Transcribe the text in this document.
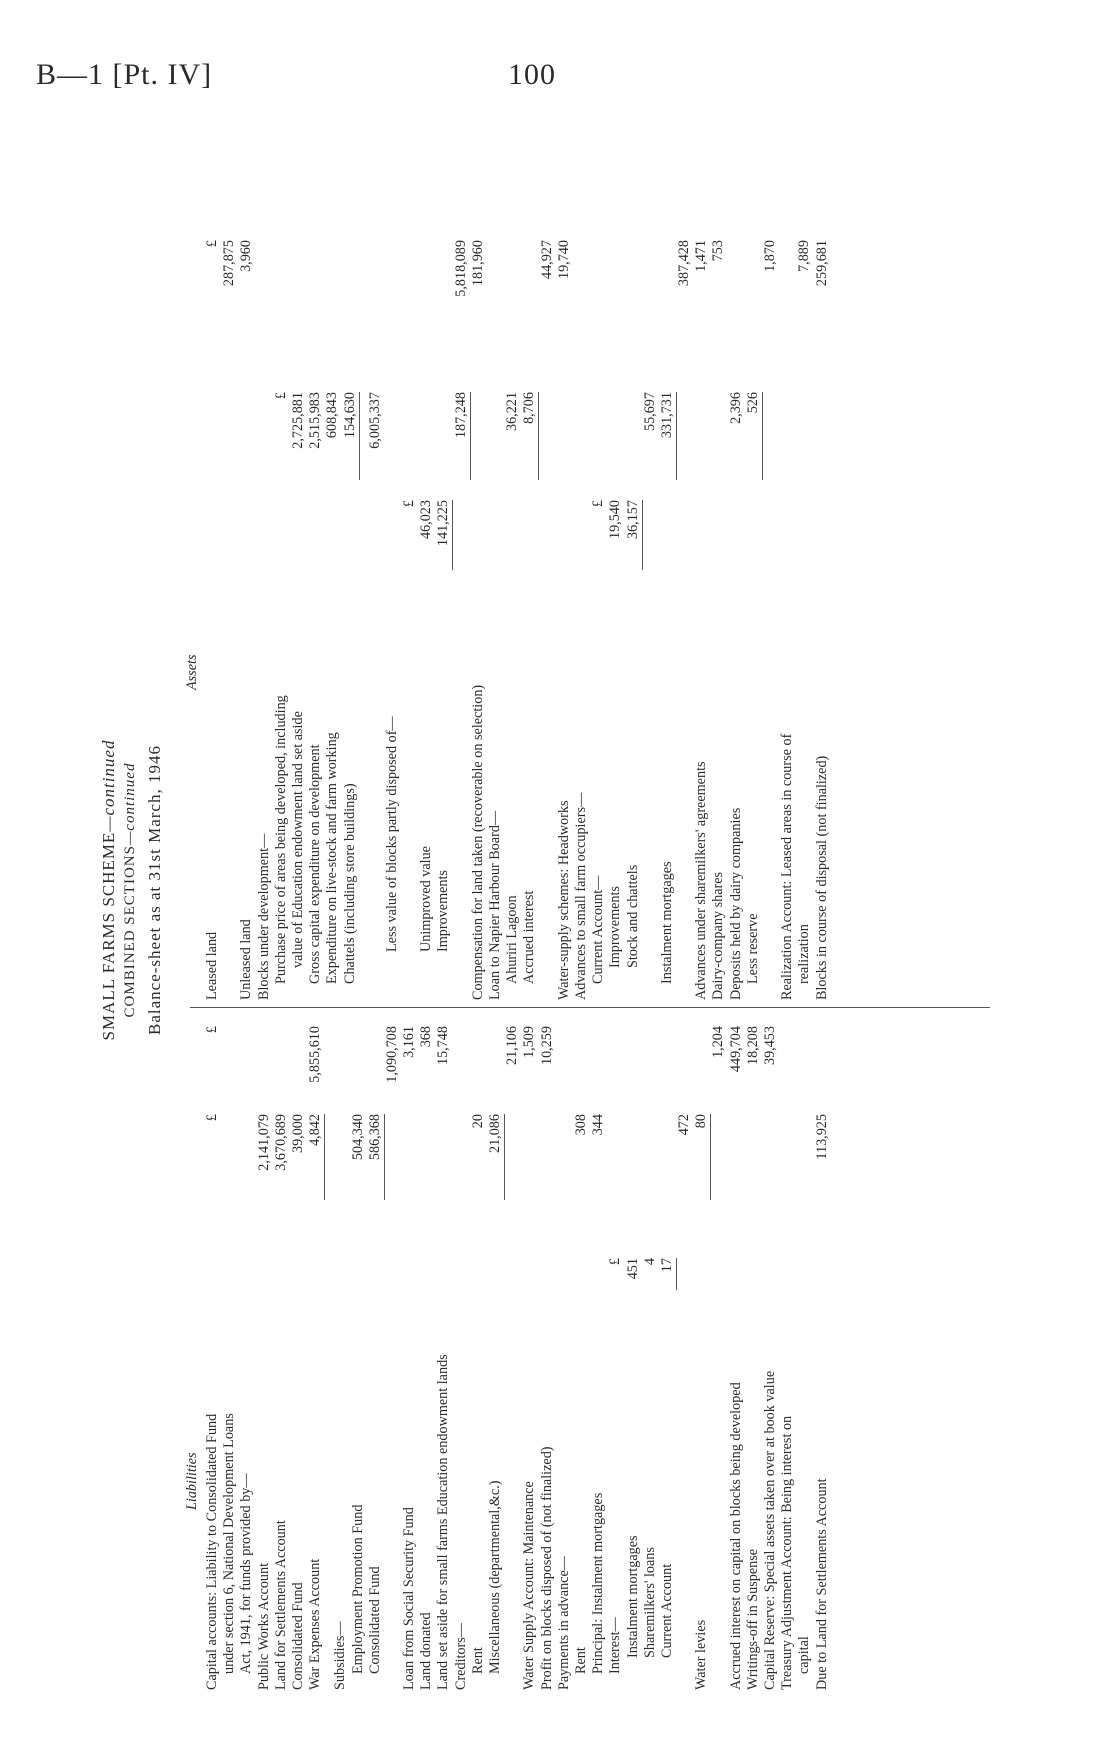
B—1 [Pt. IV]	100
SMALL FARMS SCHEME—continued
COMBINED SECTIONS—continued Balance-sheet as at 31st March, 1946
Liabilities
Assets
Capital accounts: Liability to Consolidated Fund
£
£
under section 6, National Development Loans Act, 1941, for funds provided by— Public Works Account
2,141,079
Land for Settlements Account
3,670,689
Consolidated Fund
39,000
War Expenses Account
4,842
5,855,610
Subsidies— Employment Promotion Fund
504,340
Consolidated Fund
586,368
1,090,708
Loan from Social Security Fund
3,161
Land donated
368
Land set aside for small farms Education endowment lands
15,748
Creditors— Rent
20
Miscellaneous (departmental,&c.)
21,086
21,106
Water Supply Account: Maintenance
1,509
Profit on blocks disposed of (not finalized)
10,259
Payments in advance— Rent
308
Principal: Instalment mortgages
344
Interest—
£
Instalment mortgages
451
Sharemilkers' loans
4
Current Account
17
472
Water levies
80
1,204
Accrued interest on capital on blocks being developed
449,704
Writings-off in Suspense
18,208
Capital Reserve: Special assets taken over at book value
39,453
Treasury Adjustment Account: Being interest on capital Due to Land for Settlements Account
113,925
Leased land
£ 287,875
Unleased land
3,960
Blocks under development— Purchase price of areas being developed, including
£
value of Education endowment land set aside
2,725,881
Gross capital expenditure on development
2,515,983
Expenditure on live-stock and farm working
608,843
Chattels (including store buildings)
154,630 6,005,337
Less value of blocks partly disposed of—
£
Unimproved value
46,023
Improvements
141,225
187,248
5,818,089
Compensation for land taken (recoverable on selection)
181,960
Loan to Napier Harbour Board— Ahuriri Lagoon
36,221
Accrued interest
8,706
44,927
Water-supply schemes: Headworks
19,740
Advances to small farm occupiers— Current Account—
£
Improvements
19,540
Stock and chattels
36,157
55,697
Instalment mortgages
331,731
387,428
Advances under sharemilkers' agreements
1,471
Dairy-company shares
753
Deposits held by dairy companies
2,396
Less reserve
526
1,870
Realization Account: Leased areas in course of realization
7,889
Blocks in course of disposal (not finalized)
259,681
